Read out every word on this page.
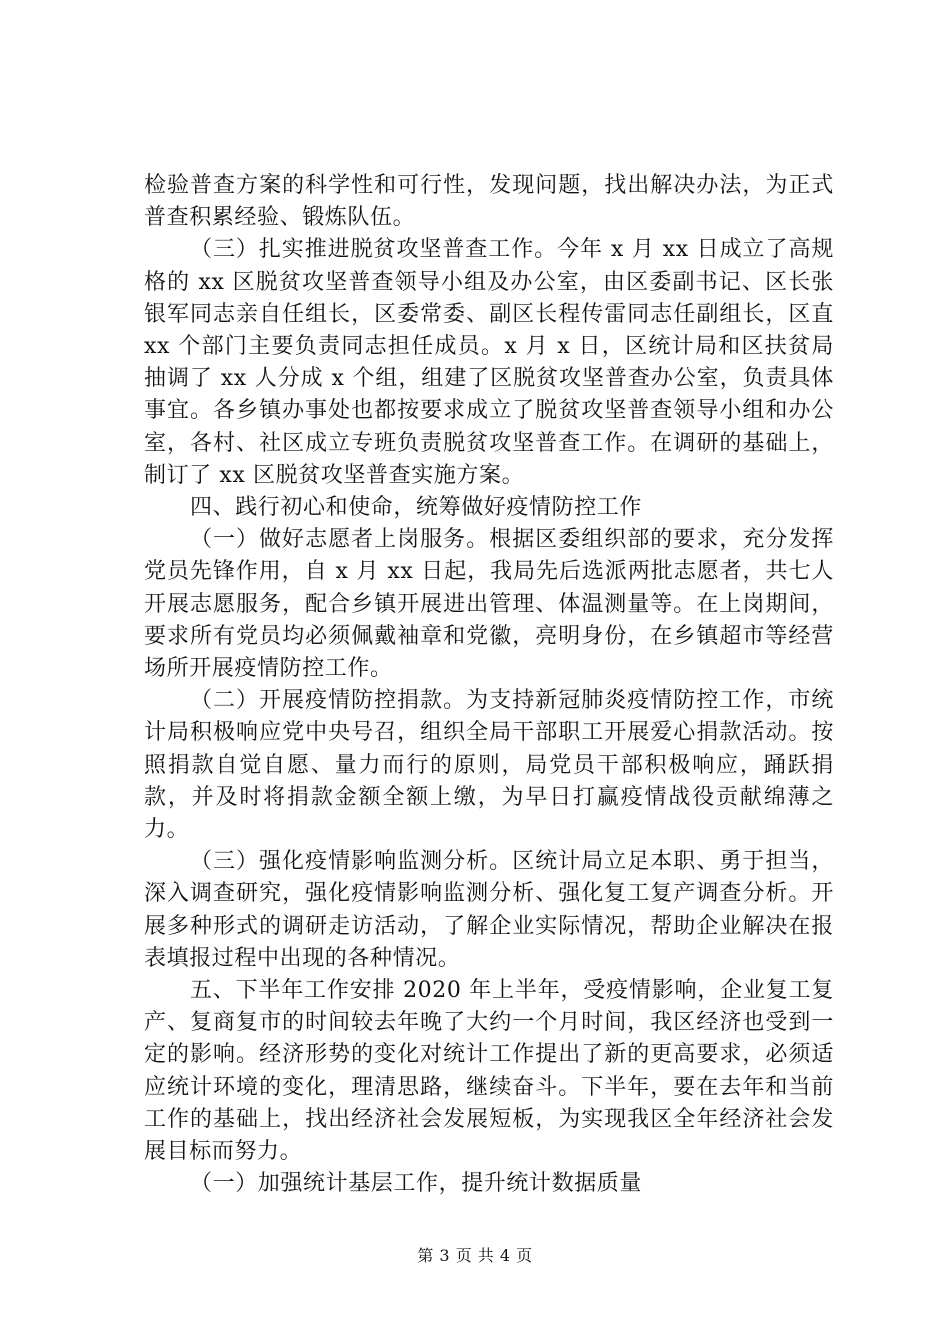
检验普查方案的科学性和可行性，发现问题，找出解决办法，为正式普查积累经验、锻炼队伍。

（三）扎实推进脱贫攻坚普查工作。今年 x 月 xx 日成立了高规格的 xx 区脱贫攻坚普查领导小组及办公室，由区委副书记、区长张银军同志亲自任组长，区委常委、副区长程传雷同志任副组长，区直 xx 个部门主要负责同志担任成员。x 月 x 日，区统计局和区扶贫局抽调了 xx 人分成 x 个组，组建了区脱贫攻坚普查办公室，负责具体事宜。各乡镇办事处也都按要求成立了脱贫攻坚普查领导小组和办公室，各村、社区成立专班负责脱贫攻坚普查工作。在调研的基础上，制订了 xx 区脱贫攻坚普查实施方案。

四、践行初心和使命，统筹做好疫情防控工作

（一）做好志愿者上岗服务。根据区委组织部的要求，充分发挥党员先锋作用，自 x 月 xx 日起，我局先后选派两批志愿者，共七人开展志愿服务，配合乡镇开展进出管理、体温测量等。在上岗期间，要求所有党员均必须佩戴袖章和党徽，亮明身份，在乡镇超市等经营场所开展疫情防控工作。

（二）开展疫情防控捐款。为支持新冠肺炎疫情防控工作，市统计局积极响应党中央号召，组织全局干部职工开展爱心捐款活动。按照捐款自觉自愿、量力而行的原则，局党员干部积极响应，踊跃捐款，并及时将捐款金额全额上缴，为早日打赢疫情战役贡献绵薄之力。

（三）强化疫情影响监测分析。区统计局立足本职、勇于担当，深入调查研究，强化疫情影响监测分析、强化复工复产调查分析。开展多种形式的调研走访活动，了解企业实际情况，帮助企业解决在报表填报过程中出现的各种情况。

五、下半年工作安排 2020 年上半年，受疫情影响，企业复工复产、复商复市的时间较去年晚了大约一个月时间，我区经济也受到一定的影响。经济形势的变化对统计工作提出了新的更高要求，必须适应统计环境的变化，理清思路，继续奋斗。下半年，要在去年和当前工作的基础上，找出经济社会发展短板，为实现我区全年经济社会发展目标而努力。

（一）加强统计基层工作，提升统计数据质量

第 3 页 共 4 页
